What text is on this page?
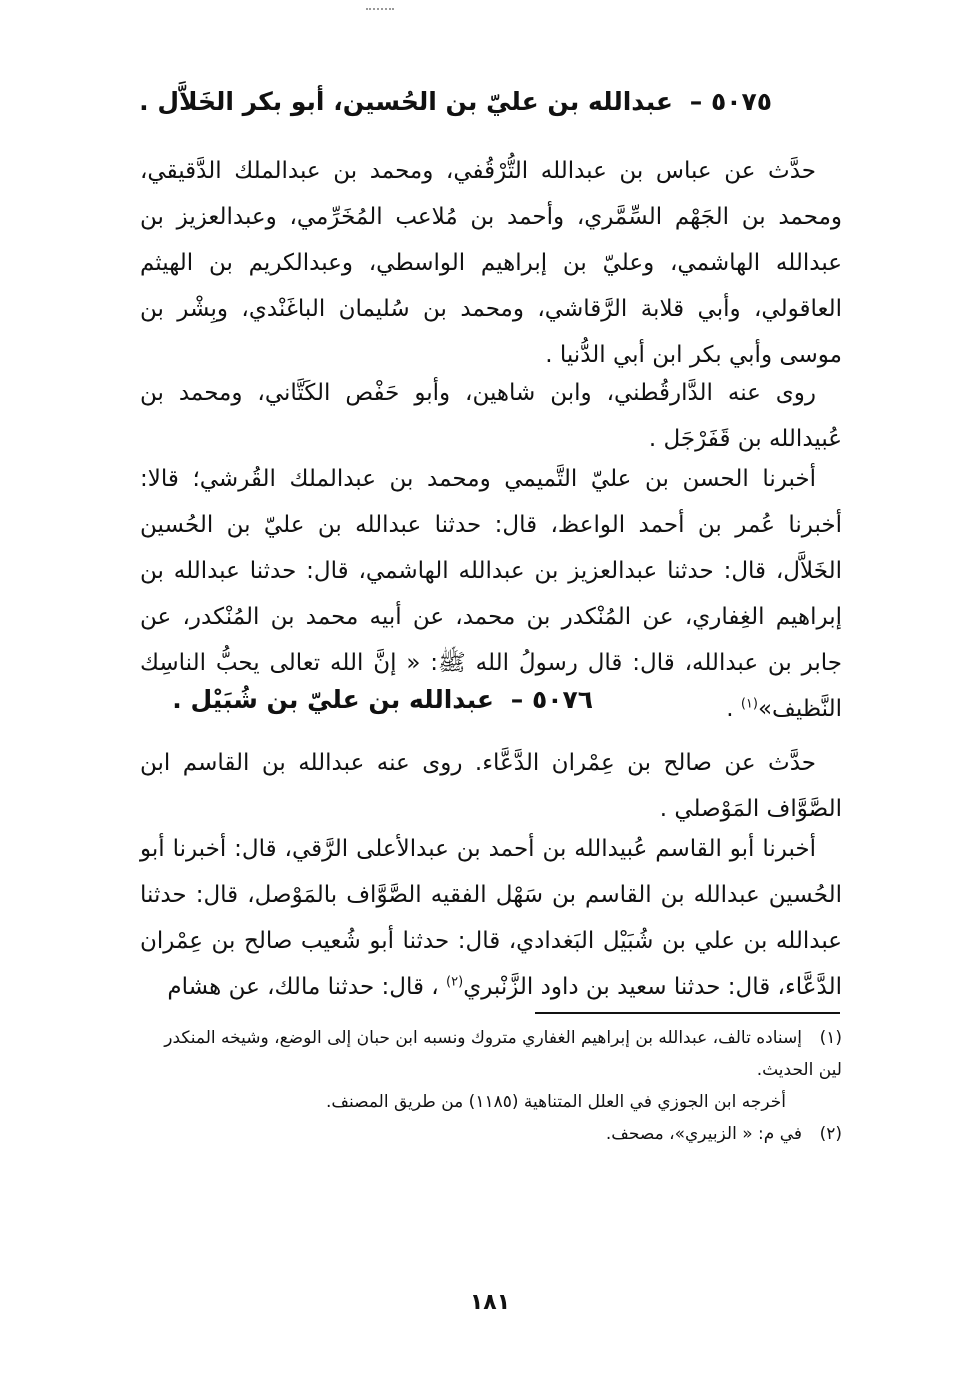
٥٠٧٥ – عبدالله بن عليّ بن الحُسين، أبو بكر الخَلاَّل .
حدَّث عن عباس بن عبدالله التُّرْقُفي، ومحمد بن عبدالملك الدَّقيقي، ومحمد بن الجَهْم السِّمَّري، وأحمد بن مُلاعب المُخَرِّمي، وعبدالعزيز بن عبدالله الهاشمي، وعليّ بن إبراهيم الواسطي، وعبدالكريم بن الهيثم العاقولي، وأبي قلابة الرَّقاشي، ومحمد بن سُليمان الباغَنْدي، وبِشْر بن موسى وأبي بكر ابن أبي الدُّنيا .
روى عنه الدَّارقُطني، وابن شاهين، وأبو حَفْص الكَتَّاني، ومحمد بن عُبيدالله بن قَفَرْجَل .
أخبرنا الحسن بن عليّ التَّميمي ومحمد بن عبدالملك القُرشي؛ قالا: أخبرنا عُمر بن أحمد الواعظ، قال: حدثنا عبدالله بن عليّ بن الحُسين الخَلاَّل، قال: حدثنا عبدالعزيز بن عبدالله الهاشمي، قال: حدثنا عبدالله بن إبراهيم الغِفاري، عن المُنْكدر بن محمد، عن أبيه محمد بن المُنْكدر، عن جابر بن عبدالله، قال: قال رسولُ الله ﷺ: « إنَّ الله تعالى يحبُّ الناسِك النَّظيف»$^{(١)}$ .
٥٠٧٦ – عبدالله بن عليّ بن شُبَيْل .
حدَّث عن صالح بن عِمْران الدَّعَّاء. روى عنه عبدالله بن القاسم ابن الصَّوَّاف المَوْصلي .
أخبرنا أبو القاسم عُبيدالله بن أحمد بن عبدالأعلى الرَّقي، قال: أخبرنا أبو الحُسين عبدالله بن القاسم بن سَهْل الفقيه الصَّوَّاف بالمَوْصل، قال: حدثنا عبدالله بن علي بن شُبَيْل البَغدادي، قال: حدثنا أبو شُعيب صالح بن عِمْران الدَّعَّاء، قال: حدثنا سعيد بن داود الزَّنْبري$^{(٢)}$ ، قال: حدثنا مالك، عن هشام
(١)إسناده تالف، عبدالله بن إبراهيم الغفاري متروك ونسبه ابن حبان إلى الوضع، وشيخه المنكدر لين الحديث.
أخرجه ابن الجوزي في العلل المتناهية (١١٨٥) من طريق المصنف.
(٢)في م: « الزبيري»، مصحف.
١٨١
